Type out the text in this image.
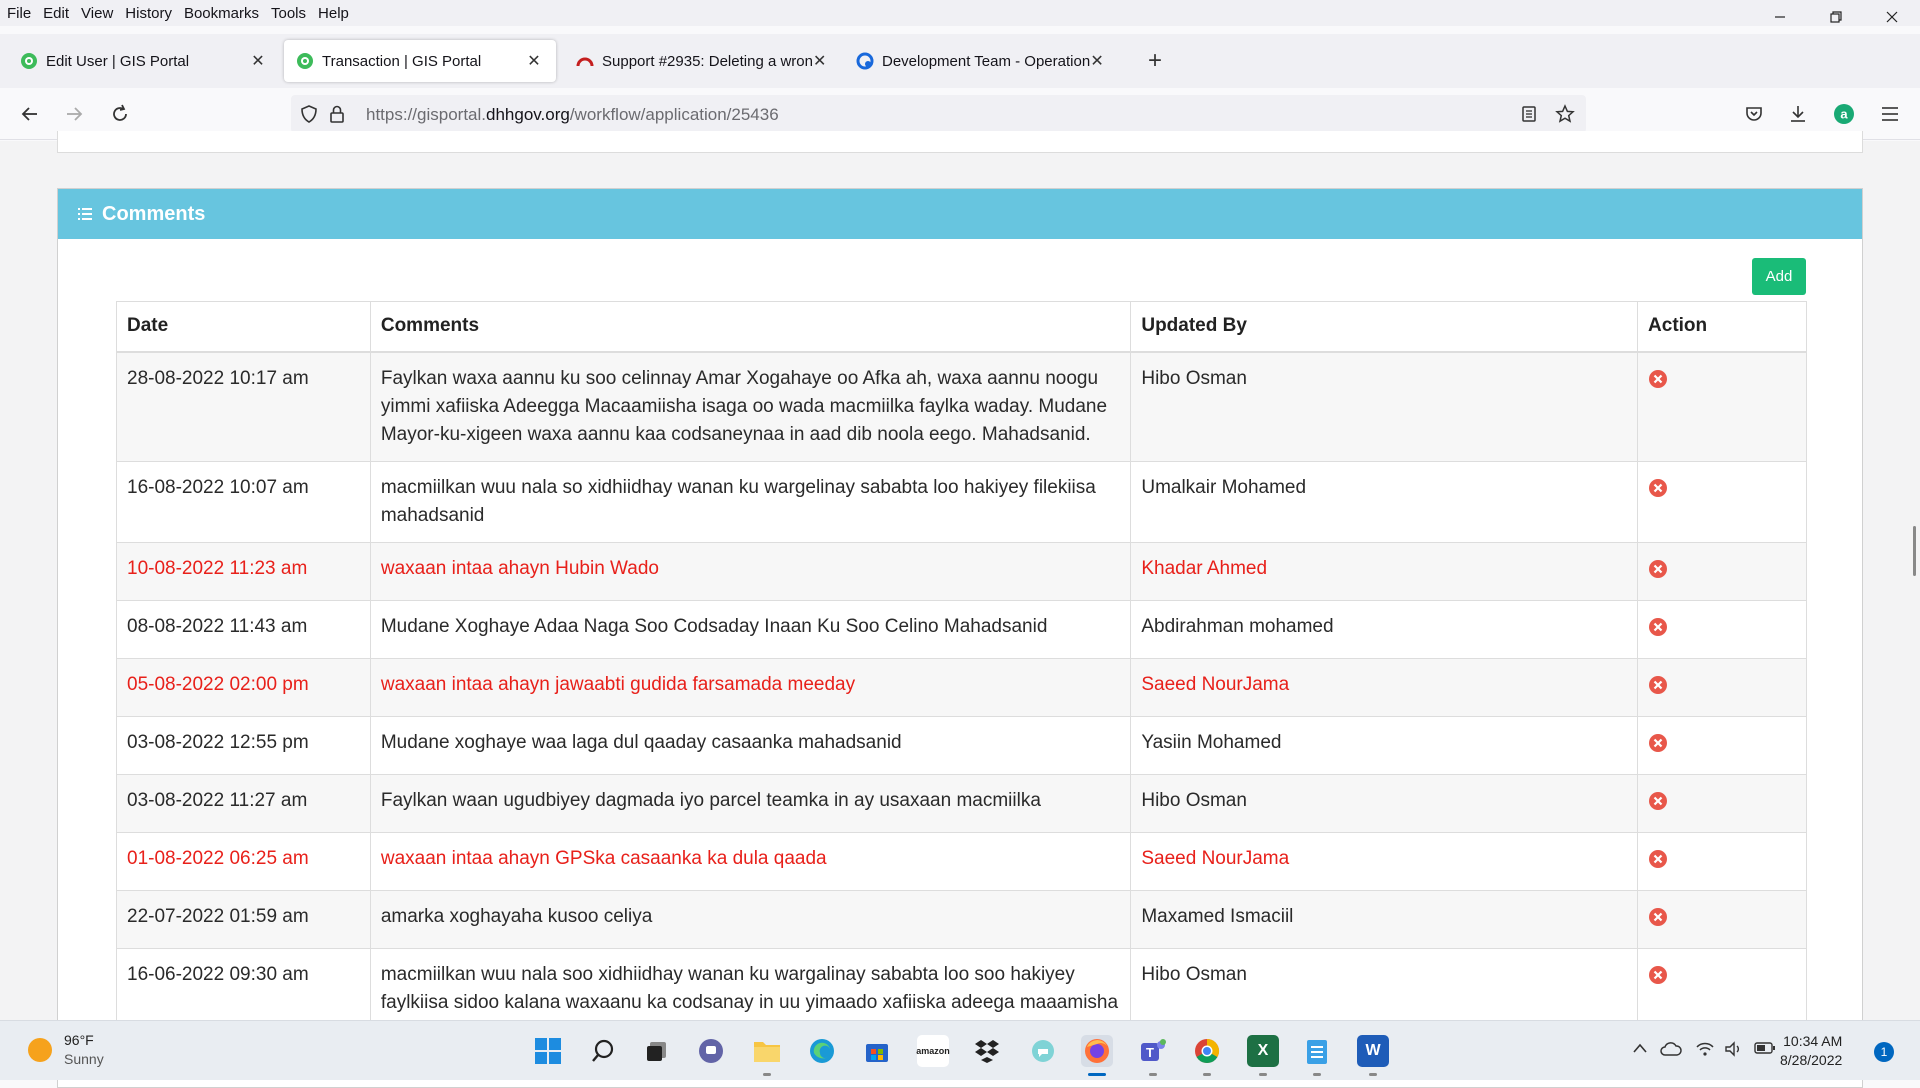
File Edit View History Bookmarks Tools Help
Edit User | GIS Portal	✕	Transaction | GIS Portal	✕	Support #2935: Deleting a wron ✕	Development Team - Operation ✕ +
https://gisportal.dhhgov.org/workflow/application/25436	a
Comments
Add
Date	Comments	Updated By	Action
28-08-2022 10:17 am	Faylkan waxa aannu ku soo celinnay Amar Xogahaye oo Afka ah, waxa aannu noogu yimmi xafiiska Adeegga Macaamiisha isaga oo wada macmiilka faylka waday. Mudane Mayor-ku-xigeen waxa aannu kaa codsaneynaa in aad dib noola eego. Mahadsanid.	Hibo Osman	
16-08-2022 10:07 am	macmiilkan wuu nala so xidhiidhay wanan ku wargelinay sababta loo hakiyey filekiisa mahadsanid	Umalkair Mohamed	
10-08-2022 11:23 am	waxaan intaa ahayn Hubin Wado	Khadar Ahmed	
08-08-2022 11:43 am	Mudane Xoghaye Adaa Naga Soo Codsaday Inaan Ku Soo Celino Mahadsanid	Abdirahman mohamed	
05-08-2022 02:00 pm	waxaan intaa ahayn jawaabti gudida farsamada meeday	Saeed NourJama	
03-08-2022 12:55 pm	Mudane xoghaye waa laga dul qaaday casaanka mahadsanid	Yasiin Mohamed	
03-08-2022 11:27 am	Faylkan waan ugudbiyey dagmada iyo parcel teamka in ay usaxaan macmiilka	Hibo Osman	
01-08-2022 06:25 am	waxaan intaa ahayn GPSka casaanka ka dula qaada	Saeed NourJama	
22-07-2022 01:59 am	amarka xoghayaha kusoo celiya	Maxamed Ismaciil	
16-06-2022 09:30 am	macmiilkan wuu nala soo xidhiidhay wanan ku wargalinay sababta loo soo hakiyey faylkiisa sidoo kalana waxaanu ka codsanay in uu yimaado xafiiska adeega maaamisha	Hibo Osman	
96°F
Sunny	amazon	T	X	W
10:34 AM
8/28/2022	1
